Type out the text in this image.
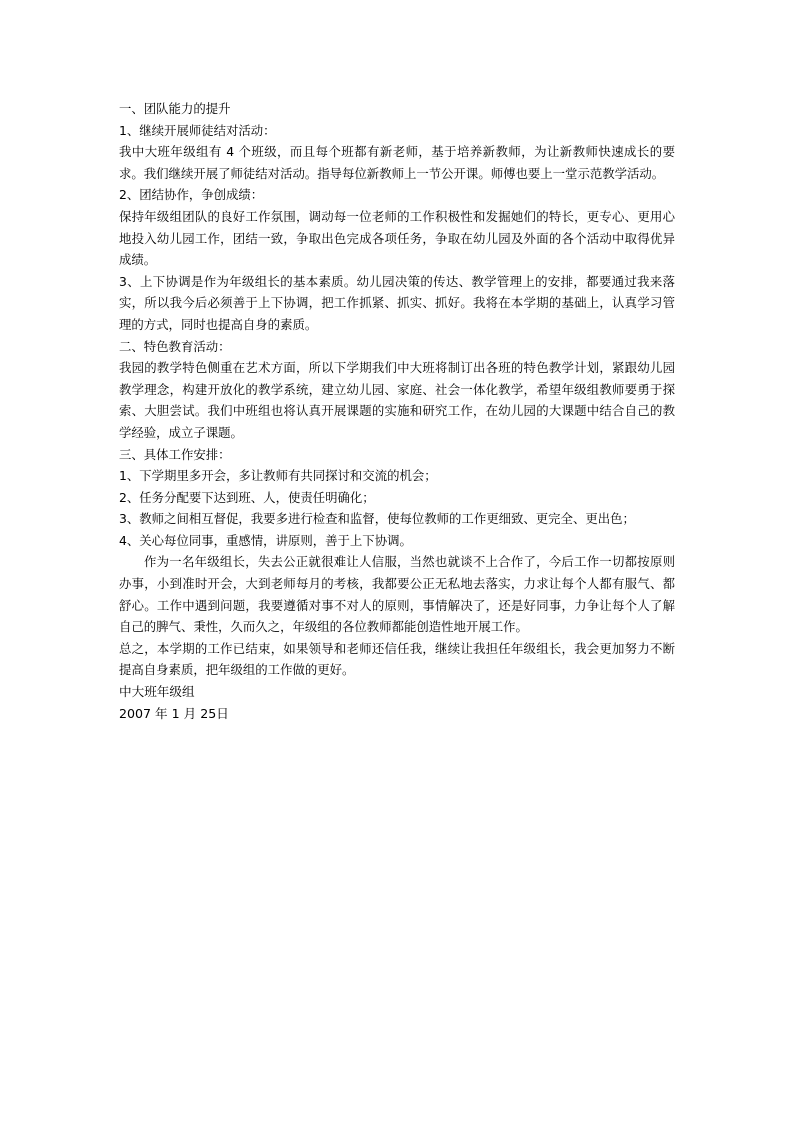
一、团队能力的提升

1、继续开展师徒结对活动：

我中大班年级组有 4 个班级，而且每个班都有新老师，基于培养新教师，为让新教师快速成长的要求。我们继续开展了师徒结对活动。指导每位新教师上一节公开课。师傅也要上一堂示范教学活动。

2、团结协作，争创成绩：

保持年级组团队的良好工作氛围，调动每一位老师的工作积极性和发掘她们的特长，更专心、更用心地投入幼儿园工作，团结一致，争取出色完成各项任务，争取在幼儿园及外面的各个活动中取得优异成绩。

3、上下协调是作为年级组长的基本素质。幼儿园决策的传达、教学管理上的安排，都要通过我来落实，所以我今后必须善于上下协调，把工作抓紧、抓实、抓好。我将在本学期的基础上，认真学习管理的方式，同时也提高自身的素质。

二、特色教育活动：

我园的教学特色侧重在艺术方面，所以下学期我们中大班将制订出各班的特色教学计划，紧跟幼儿园教学理念，构建开放化的教学系统，建立幼儿园、家庭、社会一体化教学，希望年级组教师要勇于探索、大胆尝试。我们中班组也将认真开展课题的实施和研究工作，在幼儿园的大课题中结合自己的教学经验，成立子课题。

三、具体工作安排：

1、下学期里多开会，多让教师有共同探讨和交流的机会；

2、任务分配要下达到班、人，使责任明确化；

3、教师之间相互督促，我要多进行检查和监督，使每位教师的工作更细致、更完全、更出色；

4、关心每位同事，重感情，讲原则，善于上下协调。

作为一名年级组长，失去公正就很难让人信服，当然也就谈不上合作了，今后工作一切都按原则办事，小到准时开会，大到老师每月的考核，我都要公正无私地去落实，力求让每个人都有服气、都舒心。工作中遇到问题，我要遵循对事不对人的原则，事情解决了，还是好同事，力争让每个人了解自己的脾气、秉性，久而久之，年级组的各位教师都能创造性地开展工作。

总之，本学期的工作已结束，如果领导和老师还信任我，继续让我担任年级组长，我会更加努力不断提高自身素质，把年级组的工作做的更好。

中大班年级组

2007 年 1 月 25日
